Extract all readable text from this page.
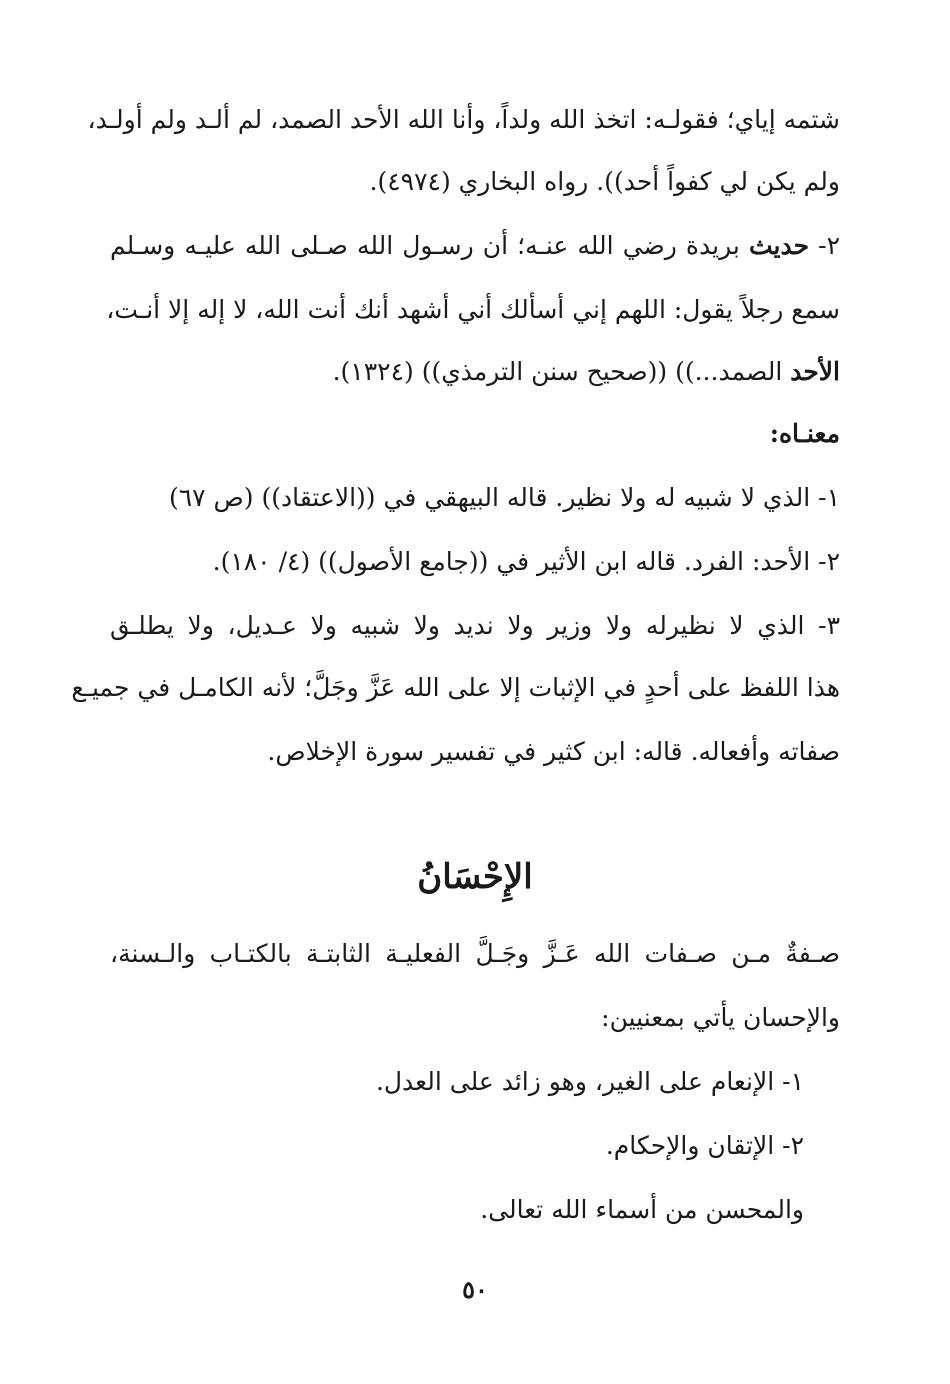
شتمه إياي؛ فقولـه: اتخذ الله ولداً، وأنا الله الأحد الصمد، لم ألـد ولم أولـد،
ولم يكن لي كفواً أحد)). رواه البخاري (٤٩٧٤).
٢- حديث بريدة رضي الله عنـه؛ أن رسـول الله صـلى الله عليـه وسـلم
سمع رجلاً يقول: اللهم إني أسألك أني أشهد أنك أنت الله، لا إله إلا أنـت،
الأحد الصمد...)) ((صحيح سنن الترمذي)) (١٣٢٤).
معنـاه:
١- الذي لا شبيه له ولا نظير. قاله البيهقي في ((الاعتقاد)) (ص ٦٧)
٢- الأحد: الفرد. قاله ابن الأثير في ((جامع الأصول)) (٤/ ١٨٠).
٣- الذي لا نظيرله ولا وزير ولا نديد ولا شبيه ولا عـديل، ولا يطلـق
هذا اللفظ على أحدٍ في الإثبات إلا على الله عَزَّ وجَلَّ؛ لأنه الكامـل في جميـع
صفاته وأفعاله. قاله: ابن كثير في تفسير سورة الإخلاص.
الإِحْسَانُ
صـفةٌ مـن صـفات الله عَـزَّ وجَـلَّ الفعليـة الثابتـة بالكتـاب والـسنة،
والإحسان يأتي بمعنيين:
١- الإنعام على الغير، وهو زائد على العدل.
٢- الإتقان والإحكام.
والمحسن من أسماء الله تعالى.
٥٠
